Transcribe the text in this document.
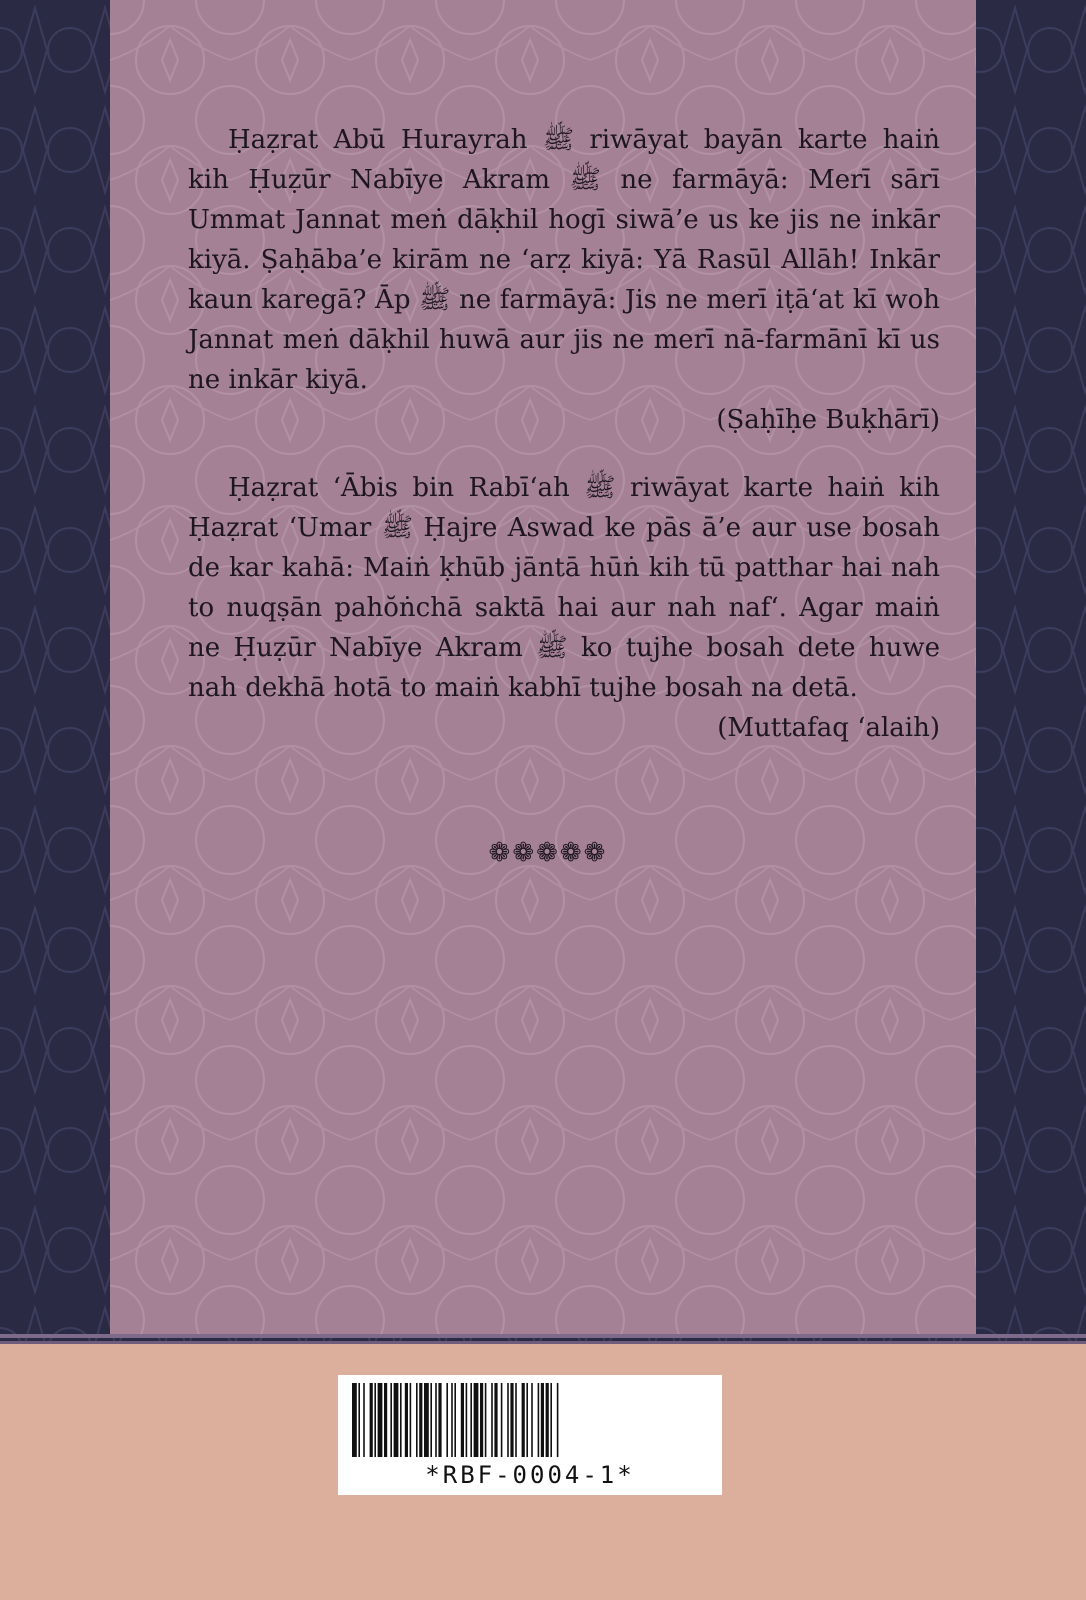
Ḥaẓrat Abū Hurayrah ﷺ riwāyat bayān karte haiṅ kih Ḥuẓūr Nabīye Akram ﷺ ne farmāyā: Merī sārī Ummat Jannat meṅ dāḳhil hogī siwā’e us ke jis ne inkār kiyā. Ṣaḥāba’e kirām ne ‘arẓ kiyā: Yā Rasūl Allāh! Inkār kaun karegā? Āp ﷺ ne farmāyā: Jis ne merī iṭā‘at kī woh Jannat meṅ dāḳhil huwā aur jis ne merī nā-farmānī kī us ne inkār kiyā.

(Ṣaḥīḥe Buḳhārī)

Ḥaẓrat ‘Ābis bin Rabī‘ah ﷺ riwāyat karte haiṅ kih Ḥaẓrat ‘Umar ﷺ Ḥajre Aswad ke pās ā’e aur use bosah de kar kahā: Maiṅ ḳhūb jāntā hūṅ kih tū patthar hai nah to nuqṣān pahŏṅchā saktā hai aur nah naf‘. Agar maiṅ ne Ḥuẓūr Nabīye Akram ﷺ ko tujhe bosah dete huwe nah dekhā hotā to maiṅ kabhī tujhe bosah na detā.

(Muttafaq ‘alaih)

❁❁❁❁❁
*RBF-0004-1*
